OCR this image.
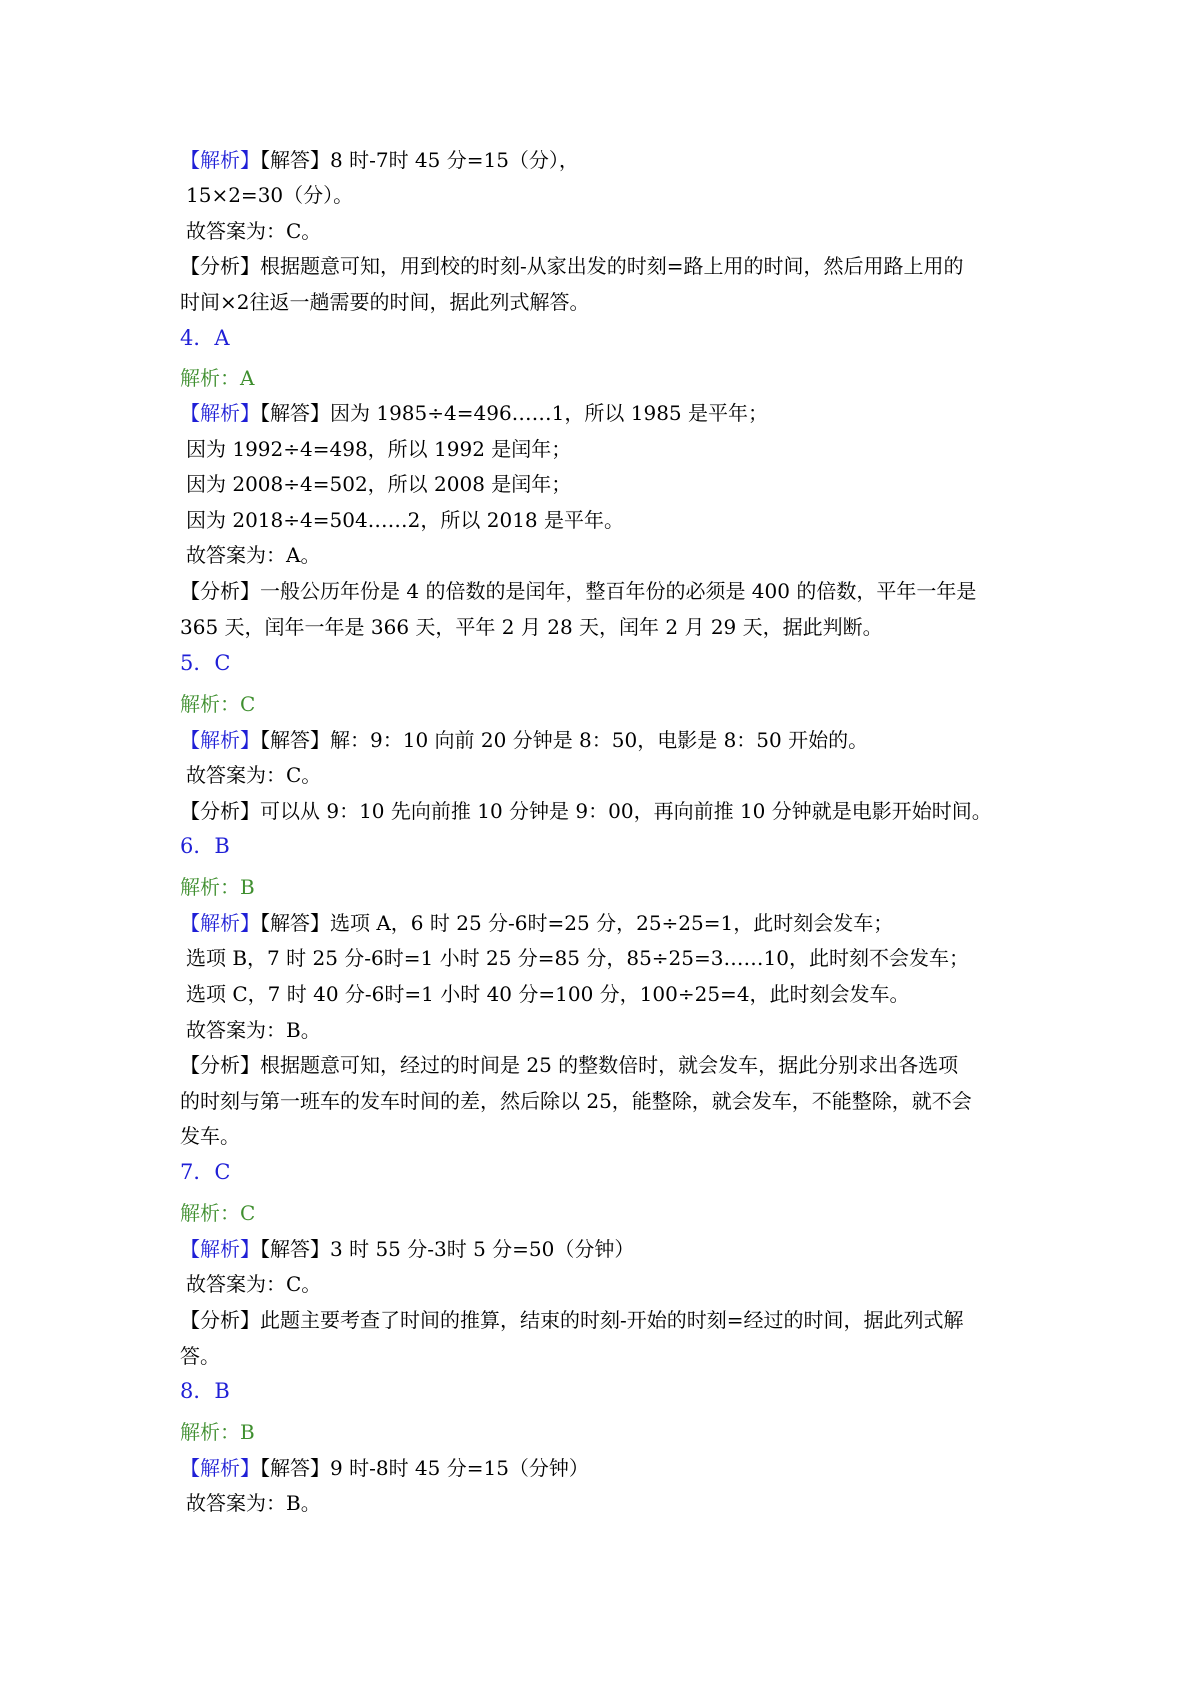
【解析】【解答】8 时-7时 45 分=15（分），
15×2=30（分）。
故答案为：C。
【分析】根据题意可知，用到校的时刻-从家出发的时刻=路上用的时间，然后用路上用的
时间×2往返一趟需要的时间，据此列式解答。
4．A
解析：A
【解析】【解答】因为 1985÷4=496……1，所以 1985 是平年；
因为 1992÷4=498，所以 1992 是闰年；
因为 2008÷4=502，所以 2008 是闰年；
因为 2018÷4=504……2，所以 2018 是平年。
故答案为：A。
【分析】一般公历年份是 4 的倍数的是闰年，整百年份的必须是 400 的倍数，平年一年是
365 天，闰年一年是 366 天，平年 2 月 28 天，闰年 2 月 29 天，据此判断。
5．C
解析：C
【解析】【解答】解：9：10 向前 20 分钟是 8：50，电影是 8：50 开始的。
故答案为：C。
【分析】可以从 9：10 先向前推 10 分钟是 9：00，再向前推 10 分钟就是电影开始时间。
6．B
解析：B
【解析】【解答】选项 A，6 时 25 分-6时=25 分，25÷25=1，此时刻会发车；
选项 B，7 时 25 分-6时=1 小时 25 分=85 分，85÷25=3……10，此时刻不会发车；
选项 C，7 时 40 分-6时=1 小时 40 分=100 分，100÷25=4，此时刻会发车。
故答案为：B。
【分析】根据题意可知，经过的时间是 25 的整数倍时，就会发车，据此分别求出各选项
的时刻与第一班车的发车时间的差，然后除以 25，能整除，就会发车，不能整除，就不会
发车。
7．C
解析：C
【解析】【解答】3 时 55 分-3时 5 分=50（分钟）
故答案为：C。
【分析】此题主要考查了时间的推算，结束的时刻-开始的时刻=经过的时间，据此列式解
答。
8．B
解析：B
【解析】【解答】9 时-8时 45 分=15（分钟）
故答案为：B。
